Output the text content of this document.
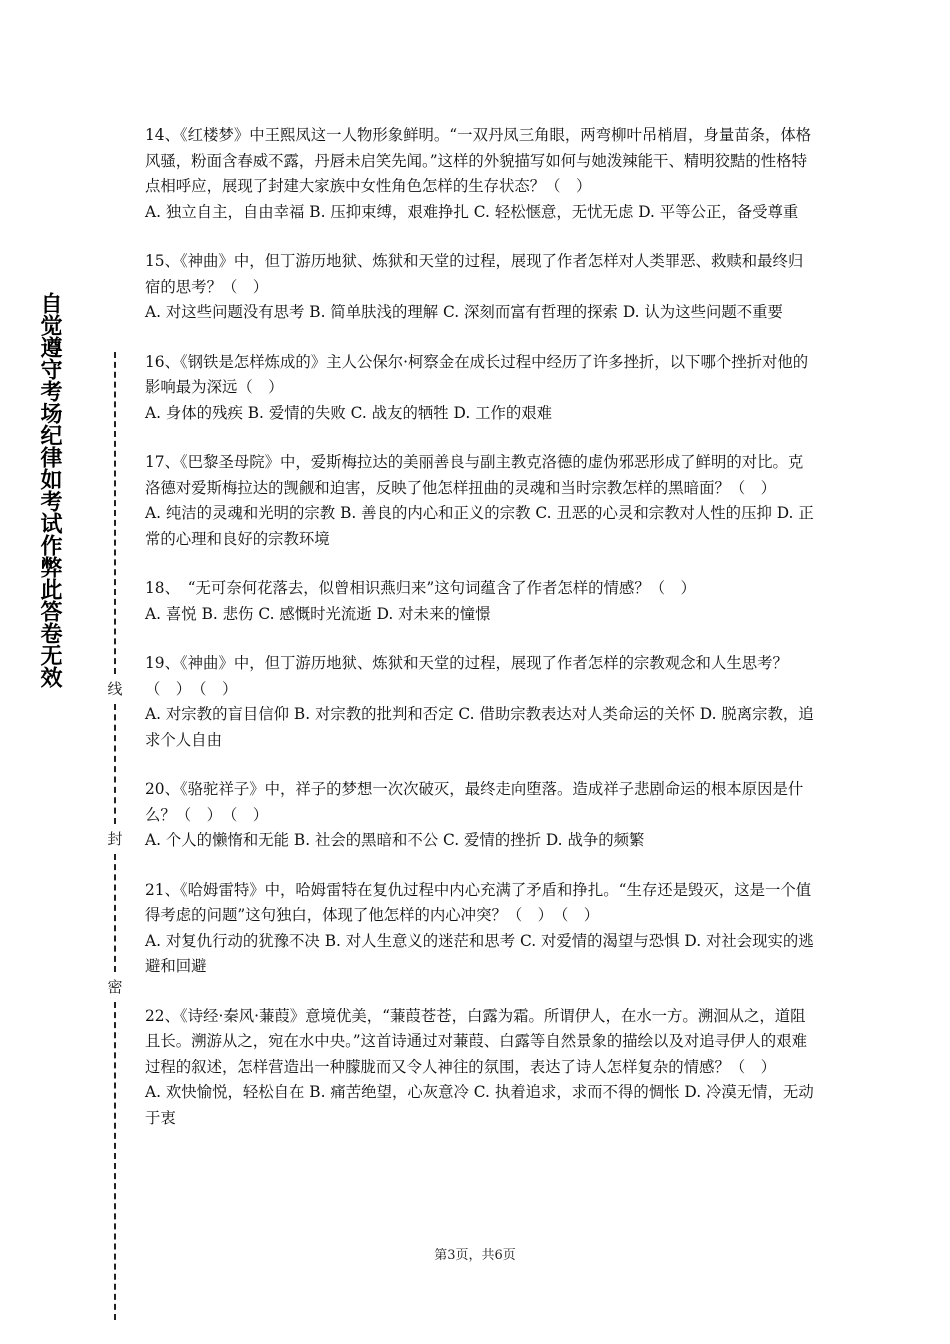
自觉遵守考场纪律如考试作弊此答卷无效
线
封
密

14、《红楼梦》中王熙凤这一人物形象鲜明。“一双丹凤三角眼，两弯柳叶吊梢眉，身量苗条，体格风骚，粉面含春威不露，丹唇未启笑先闻。”这样的外貌描写如何与她泼辣能干、精明狡黠的性格特点相呼应，展现了封建大家族中女性角色怎样的生存状态？（　）

A. 独立自主，自由幸福 B. 压抑束缚，艰难挣扎 C. 轻松惬意，无忧无虑 D. 平等公正，备受尊重

15、《神曲》中，但丁游历地狱、炼狱和天堂的过程，展现了作者怎样对人类罪恶、救赎和最终归宿的思考？（　）

A. 对这些问题没有思考 B. 简单肤浅的理解 C. 深刻而富有哲理的探索 D. 认为这些问题不重要

16、《钢铁是怎样炼成的》主人公保尔·柯察金在成长过程中经历了许多挫折，以下哪个挫折对他的影响最为深远（　）

A. 身体的残疾 B. 爱情的失败 C. 战友的牺牲 D. 工作的艰难

17、《巴黎圣母院》中，爱斯梅拉达的美丽善良与副主教克洛德的虚伪邪恶形成了鲜明的对比。克洛德对爱斯梅拉达的觊觎和迫害，反映了他怎样扭曲的灵魂和当时宗教怎样的黑暗面？（　）

A. 纯洁的灵魂和光明的宗教 B. 善良的内心和正义的宗教 C. 丑恶的心灵和宗教对人性的压抑 D. 正常的心理和良好的宗教环境

18、　“无可奈何花落去，似曾相识燕归来”这句词蕴含了作者怎样的情感？（　）

A. 喜悦 B. 悲伤 C. 感慨时光流逝 D. 对未来的憧憬

19、《神曲》中，但丁游历地狱、炼狱和天堂的过程，展现了作者怎样的宗教观念和人生思考？（　）　（　）

A. 对宗教的盲目信仰 B. 对宗教的批判和否定 C. 借助宗教表达对人类命运的关怀 D. 脱离宗教，追求个人自由

20、《骆驼祥子》中，祥子的梦想一次次破灭，最终走向堕落。造成祥子悲剧命运的根本原因是什么？（　）　（　）

A. 个人的懒惰和无能 B. 社会的黑暗和不公 C. 爱情的挫折 D. 战争的频繁

21、《哈姆雷特》中，哈姆雷特在复仇过程中内心充满了矛盾和挣扎。“生存还是毁灭，这是一个值得考虑的问题”这句独白，体现了他怎样的内心冲突？（　）　（　）

A. 对复仇行动的犹豫不决 B. 对人生意义的迷茫和思考 C. 对爱情的渴望与恐惧 D. 对社会现实的逃避和回避

22、《诗经·秦风·蒹葭》意境优美，“蒹葭苍苍，白露为霜。所谓伊人，在水一方。溯洄从之，道阻且长。溯游从之，宛在水中央。”这首诗通过对蒹葭、白露等自然景象的描绘以及对追寻伊人的艰难过程的叙述，怎样营造出一种朦胧而又令人神往的氛围，表达了诗人怎样复杂的情感？（　）

A. 欢快愉悦，轻松自在 B. 痛苦绝望，心灰意冷 C. 执着追求，求而不得的惆怅 D. 冷漠无情，无动于衷

第3页，共6页
